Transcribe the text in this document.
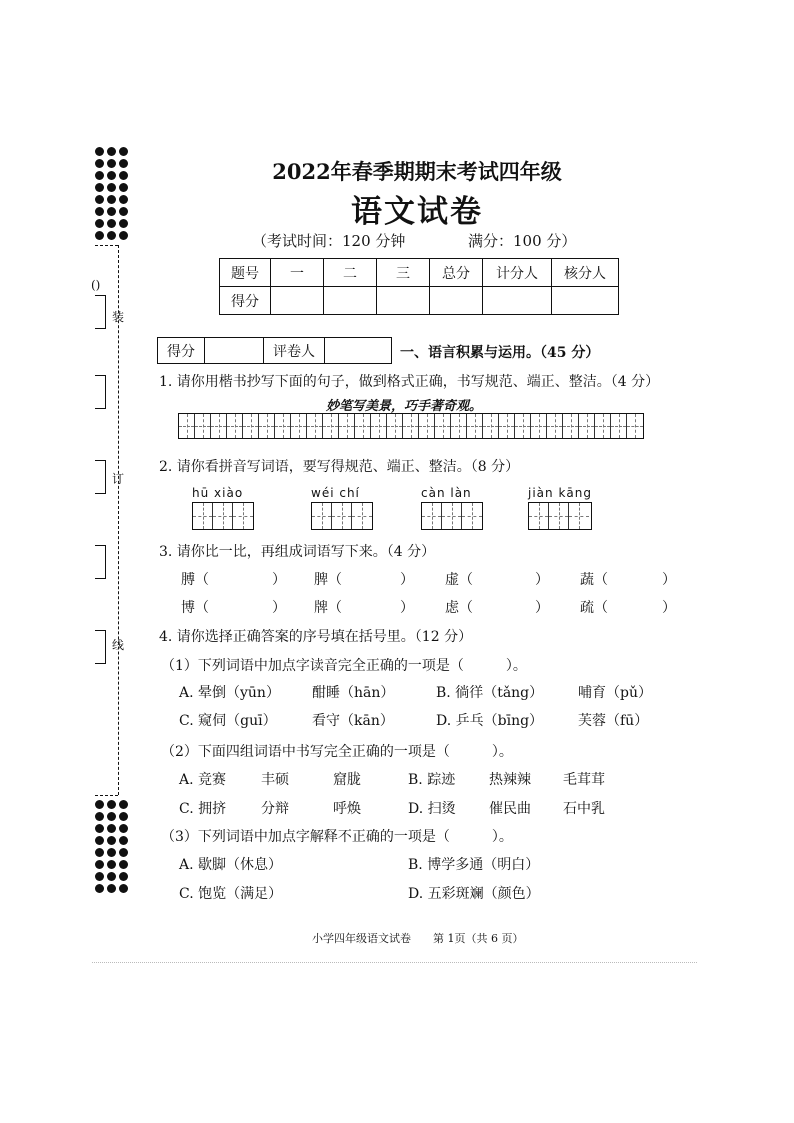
()
装
订
线
2022年春季期期末考试四年级
语文试卷
（考试时间：120 分钟	满分：100 分）
题号	一	二	三	总分	计分人	核分人
得分						
得分		评卷人		一、语言积累与运用。（45 分）
1. 请你用楷书抄写下面的句子，做到格式正确，书写规范、端正、整洁。（4 分）
妙笔写美景，巧手著奇观。
2. 请你看拼音写词语，要写得规范、端正、整洁。（8 分）
hū xiào	wéi chí	càn làn	jiàn kāng
3. 请你比一比，再组成词语写下来。（4 分）
膊（	） 脾（	） 虚（	） 蔬（	）
博（	） 牌（	） 虑（	） 疏（	）
4. 请你选择正确答案的序号填在括号里。（12 分）
（1）下列词语中加点字读音完全正确的一项是（　　　）。
A. 晕倒（yūn） 酣睡（hān）	B. 徜徉（tǎng） 哺育（pǔ）
C. 窥伺（guī）	看守（kān）	D. 乒乓（bīng） 芙蓉（fū）
（2）下面四组词语中书写完全正确的一项是（　　　）。
A. 竞赛 丰硕	窟胧	B. 踪迹 热辣辣 毛茸茸
C. 拥挤 分辩	呼焕	D. 扫烫 催民曲 石中乳
（3）下列词语中加点字解释不正确的一项是（　　　）。
A. 歇脚（休息）	B. 博学多通（明白）
C. 饱览（满足）	D. 五彩斑斓（颜色）
小学四年级语文试卷　　第 1页（共 6 页）
